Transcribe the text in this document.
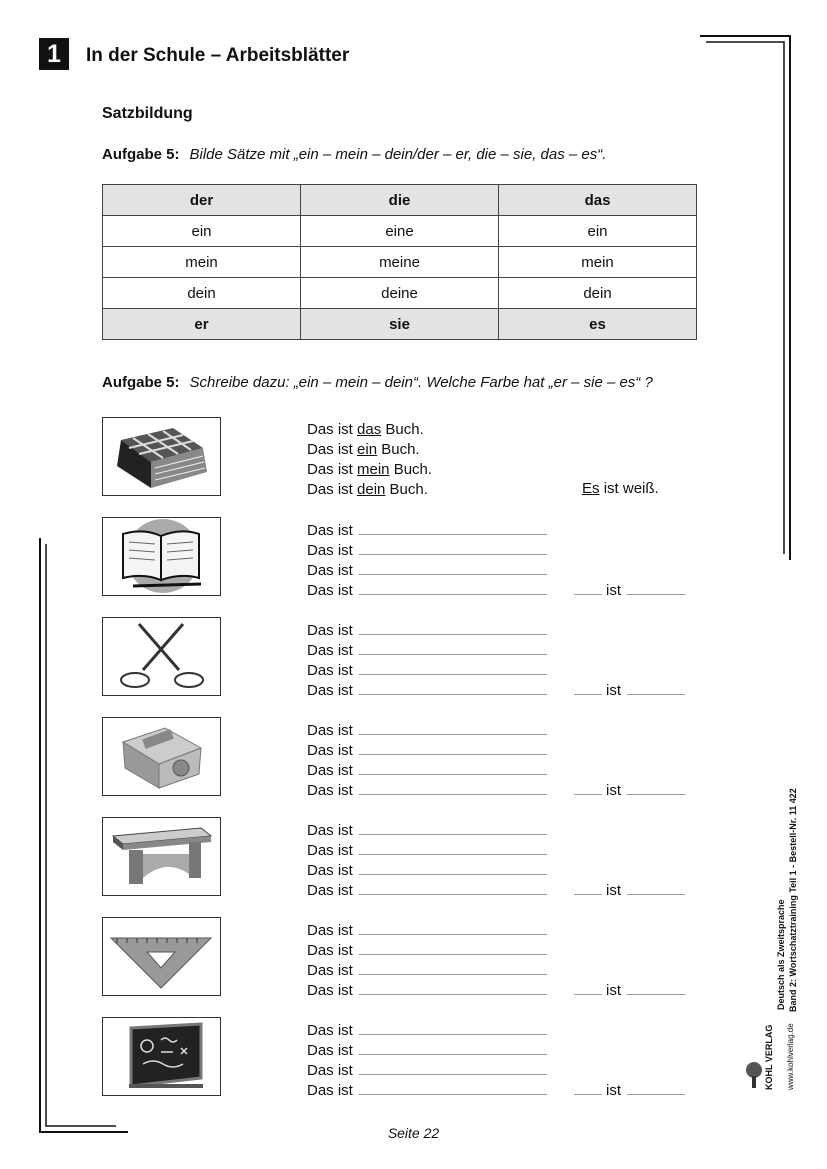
1	In der Schule – Arbeitsblätter
Satzbildung
Aufgabe 5: Bilde Sätze mit „ein – mein – dein/der – er, die – sie, das – es“.
der	die	das
ein	eine	ein
mein	meine	mein
dein	deine	dein
er	sie	es
Aufgabe 5: Schreibe dazu: „ein – mein – dein“. Welche Farbe hat „er – sie – es“ ?
Das ist das Buch.
Das ist ein Buch.
Das ist mein Buch.
Das ist dein Buch.	Es ist weiß.
Das ist
Das ist
Das ist
Das ist	ist
Das ist
Das ist
Das ist
Das ist	ist
Das ist
Das ist
Das ist
Das ist	ist
Das ist
Das ist
Das ist
Das ist	ist
Das ist
Das ist
Das ist
Das ist	ist
Das ist
Das ist
Das ist
Das ist	ist
Seite 22
KOHL VERLAG www.kohlverlag.de
Deutsch als Zweitsprache Band 2: Wortschatztraining Teil 1 - Bestell-Nr. 11 422
